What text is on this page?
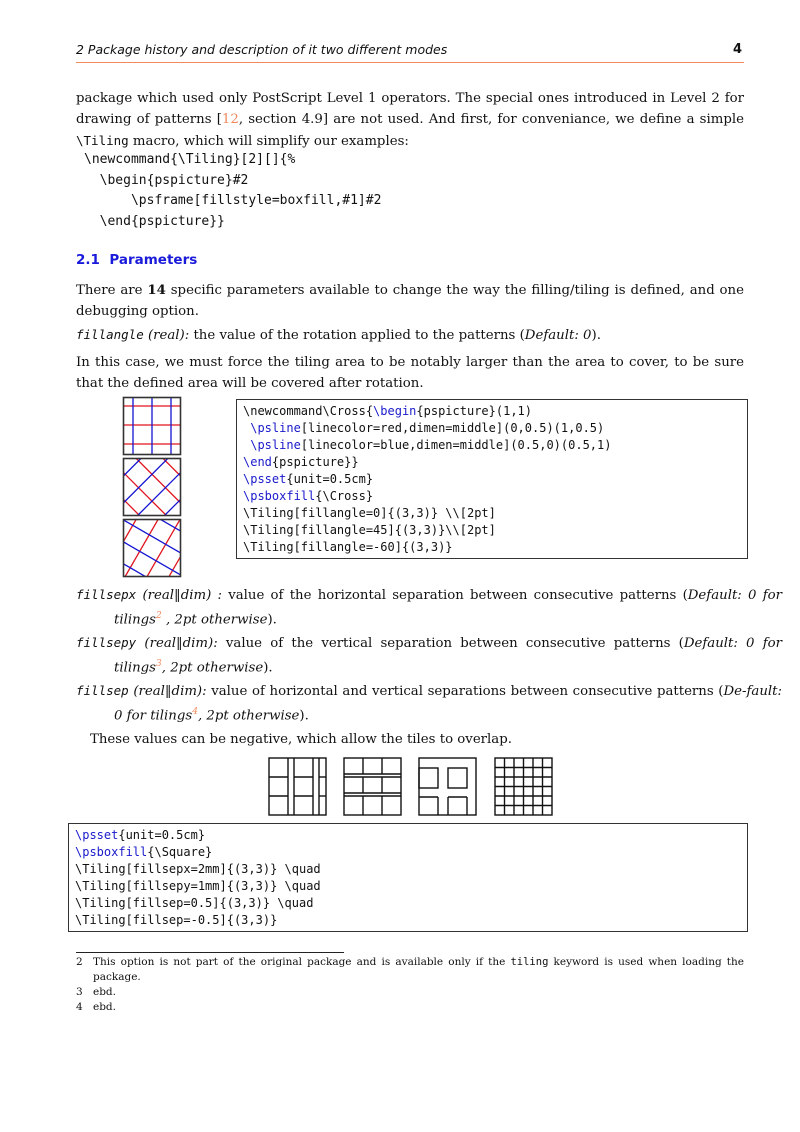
2 Package history and description of it two different modes	4
package which used only PostScript Level 1 operators. The special ones introduced in Level 2 for drawing of patterns [12, section 4.9] are not used. And first, for conveniance, we define a simple \Tiling macro, which will simplify our examples:
\newcommand{\Tiling}[2][]{%
\begin{pspicture}#2
\psframe[fillstyle=boxfill,#1]#2
\end{pspicture}}
2.1 Parameters
There are 14 specific parameters available to change the way the filling/tiling is defined, and one debugging option.
fillangle (real): the value of the rotation applied to the patterns (Default: 0).
In this case, we must force the tiling area to be notably larger than the area to cover, to be sure that the defined area will be covered after rotation.
\newcommand\Cross{\begin{pspicture}(1,1)
\psline[linecolor=red,dimen=middle](0,0.5)(1,0.5)
\psline[linecolor=blue,dimen=middle](0.5,0)(0.5,1)
\end{pspicture}}
\psset{unit=0.5cm}
\psboxfill{\Cross}
\Tiling[fillangle=0]{(3,3)} \\[2pt]
\Tiling[fillangle=45]{(3,3)}\\[2pt]
\Tiling[fillangle=-60]{(3,3)}
fillsepx (real‖dim) : value of the horizontal separation between consecutive patterns (Default: 0 for tilings$^2$ , 2pt otherwise).
fillsepy (real‖dim): value of the vertical separation between consecutive patterns (Default: 0 for tilings$^3$, 2pt otherwise).
fillsep (real‖dim): value of horizontal and vertical separations between consecutive patterns (De-fault: 0 for tilings$^4$, 2pt otherwise).
These values can be negative, which allow the tiles to overlap.
\psset{unit=0.5cm}
\psboxfill{\Square}
\Tiling[fillsepx=2mm]{(3,3)} \quad
\Tiling[fillsepy=1mm]{(3,3)} \quad
\Tiling[fillsep=0.5]{(3,3)} \quad
\Tiling[fillsep=-0.5]{(3,3)}
2 This option is not part of the original package and is available only if the tiling keyword is used when loading the package.
3 ebd.
4 ebd.
